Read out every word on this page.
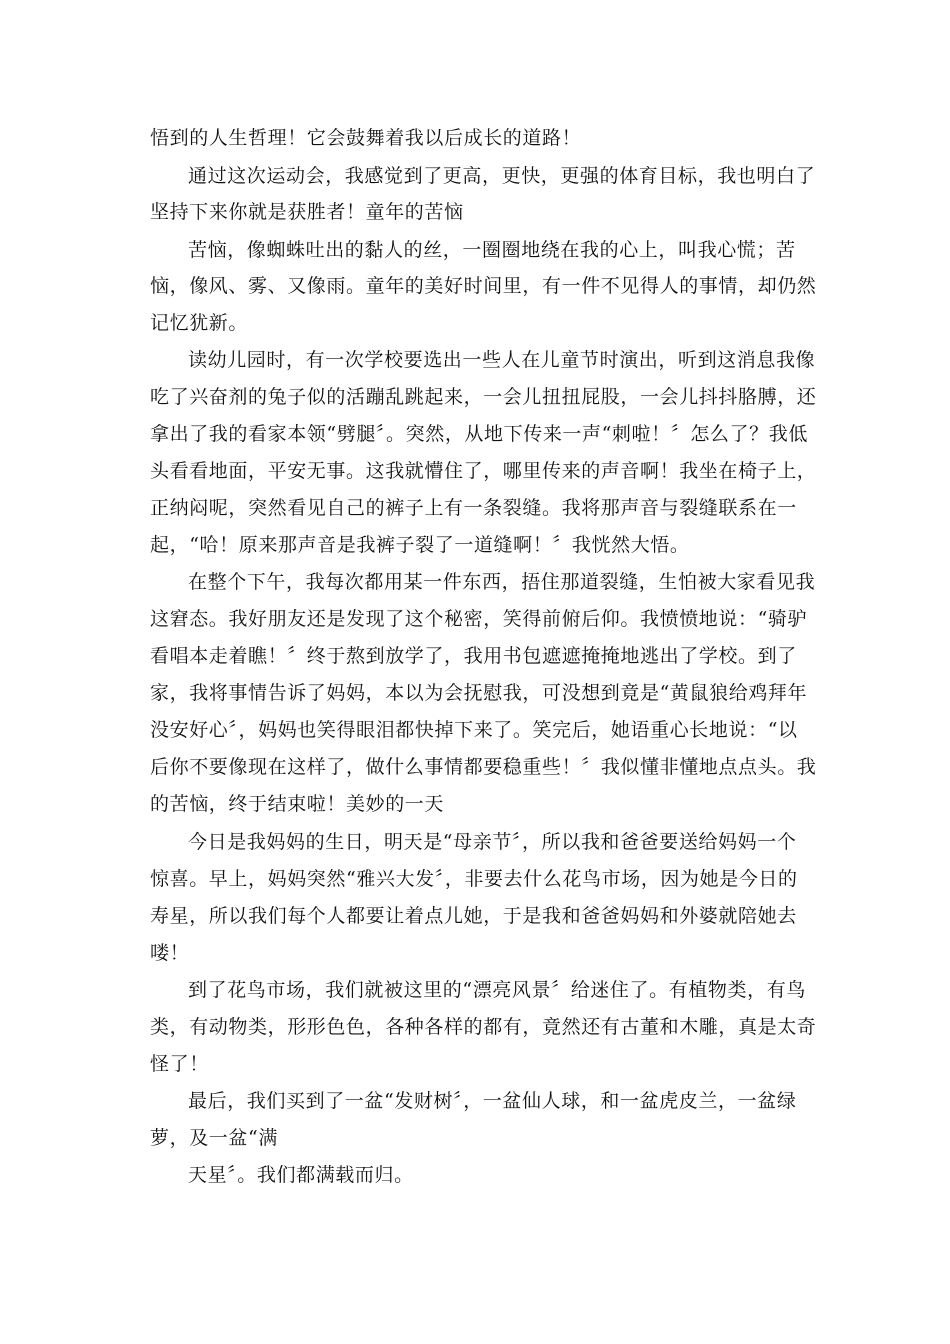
悟到的人生哲理！它会鼓舞着我以后成长的道路！
通过这次运动会，我感觉到了更高，更快，更强的体育目标，我也明白了
坚持下来你就是获胜者！童年的苦恼
苦恼，像蜘蛛吐出的黏人的丝，一圈圈地绕在我的心上，叫我心慌；苦
恼，像风、雾、又像雨。童年的美好时间里，有一件不见得人的事情，却仍然
记忆犹新。
读幼儿园时，有一次学校要选出一些人在儿童节时演出，听到这消息我像
吃了兴奋剂的兔子似的活蹦乱跳起来，一会儿扭扭屁股，一会儿抖抖胳膊，还
拿出了我的看家本领“劈腿〞。突然，从地下传来一声“刺啦！〞怎么了？我低
头看看地面，平安无事。这我就懵住了，哪里传来的声音啊！我坐在椅子上，
正纳闷呢，突然看见自己的裤子上有一条裂缝。我将那声音与裂缝联系在一
起，“哈！原来那声音是我裤子裂了一道缝啊！〞我恍然大悟。
在整个下午，我每次都用某一件东西，捂住那道裂缝，生怕被大家看见我
这窘态。我好朋友还是发现了这个秘密，笑得前俯后仰。我愤愤地说：“骑驴
看唱本走着瞧！〞终于熬到放学了，我用书包遮遮掩掩地逃出了学校。到了
家，我将事情告诉了妈妈，本以为会抚慰我，可没想到竟是“黄鼠狼给鸡拜年
没安好心〞，妈妈也笑得眼泪都快掉下来了。笑完后，她语重心长地说：“以
后你不要像现在这样了，做什么事情都要稳重些！〞我似懂非懂地点点头。我
的苦恼，终于结束啦！美妙的一天
今日是我妈妈的生日，明天是“母亲节〞，所以我和爸爸要送给妈妈一个
惊喜。早上，妈妈突然“雅兴大发〞，非要去什么花鸟市场，因为她是今日的
寿星，所以我们每个人都要让着点儿她，于是我和爸爸妈妈和外婆就陪她去
喽！
到了花鸟市场，我们就被这里的“漂亮风景〞给迷住了。有植物类，有鸟
类，有动物类，形形色色，各种各样的都有，竟然还有古董和木雕，真是太奇
怪了！
最后，我们买到了一盆“发财树〞，一盆仙人球，和一盆虎皮兰，一盆绿
萝，及一盆“满
天星〞。我们都满载而归。
